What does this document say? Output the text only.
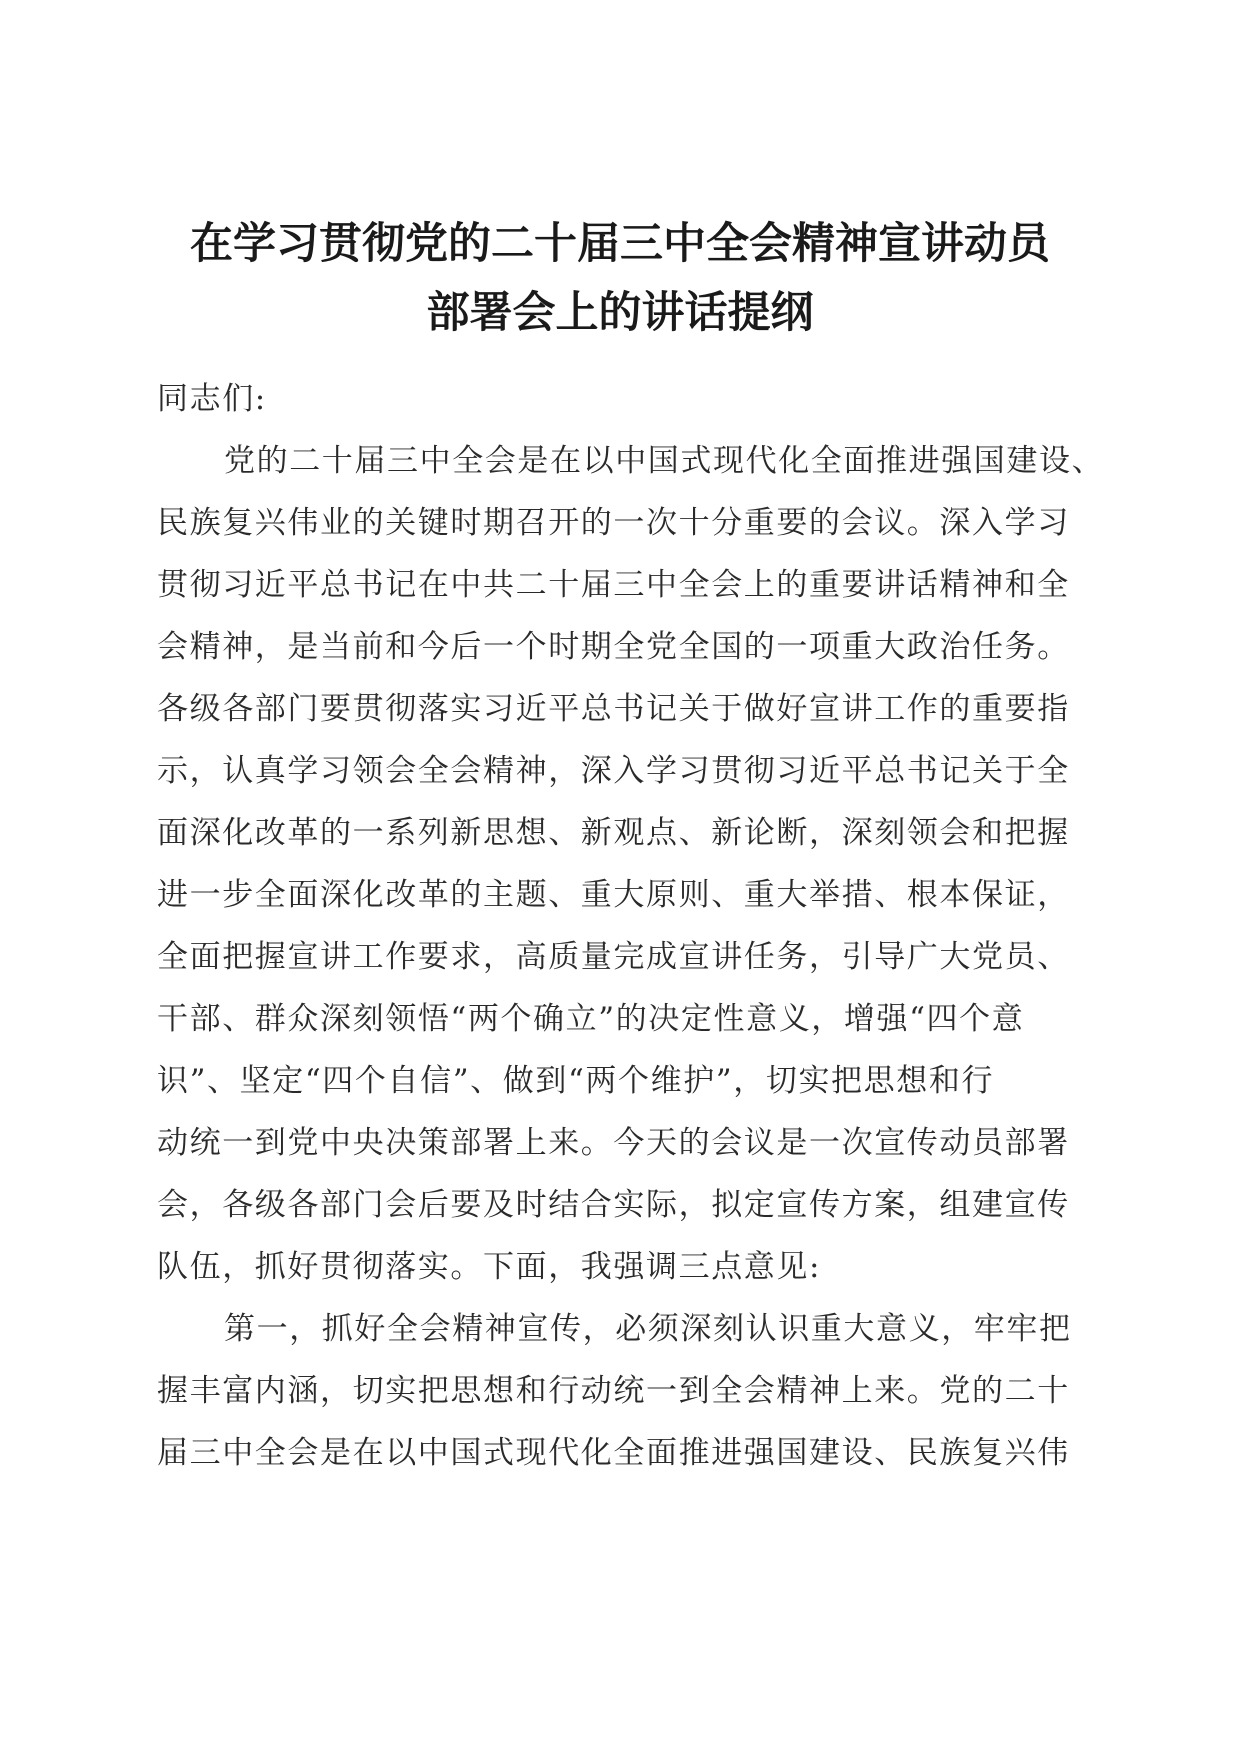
在学习贯彻党的二十届三中全会精神宣讲动员
部署会上的讲话提纲
同志们:
党的二十届三中全会是在以中国式现代化全面推进强国建设、
民族复兴伟业的关键时期召开的一次十分重要的会议。深入学习
贯彻习近平总书记在中共二十届三中全会上的重要讲话精神和全
会精神，是当前和今后一个时期全党全国的一项重大政治任务。
各级各部门要贯彻落实习近平总书记关于做好宣讲工作的重要指
示，认真学习领会全会精神，深入学习贯彻习近平总书记关于全
面深化改革的一系列新思想、新观点、新论断，深刻领会和把握
进一步全面深化改革的主题、重大原则、重大举措、根本保证，
全面把握宣讲工作要求，高质量完成宣讲任务，引导广大党员、
干部、群众深刻领悟“两个确立”的决定性意义，增强“四个意
识”、坚定“四个自信”、做到“两个维护”，切实把思想和行
动统一到党中央决策部署上来。今天的会议是一次宣传动员部署
会，各级各部门会后要及时结合实际，拟定宣传方案，组建宣传
队伍，抓好贯彻落实。下面，我强调三点意见:
第一，抓好全会精神宣传，必须深刻认识重大意义，牢牢把
握丰富内涵，切实把思想和行动统一到全会精神上来。党的二十
届三中全会是在以中国式现代化全面推进强国建设、民族复兴伟
